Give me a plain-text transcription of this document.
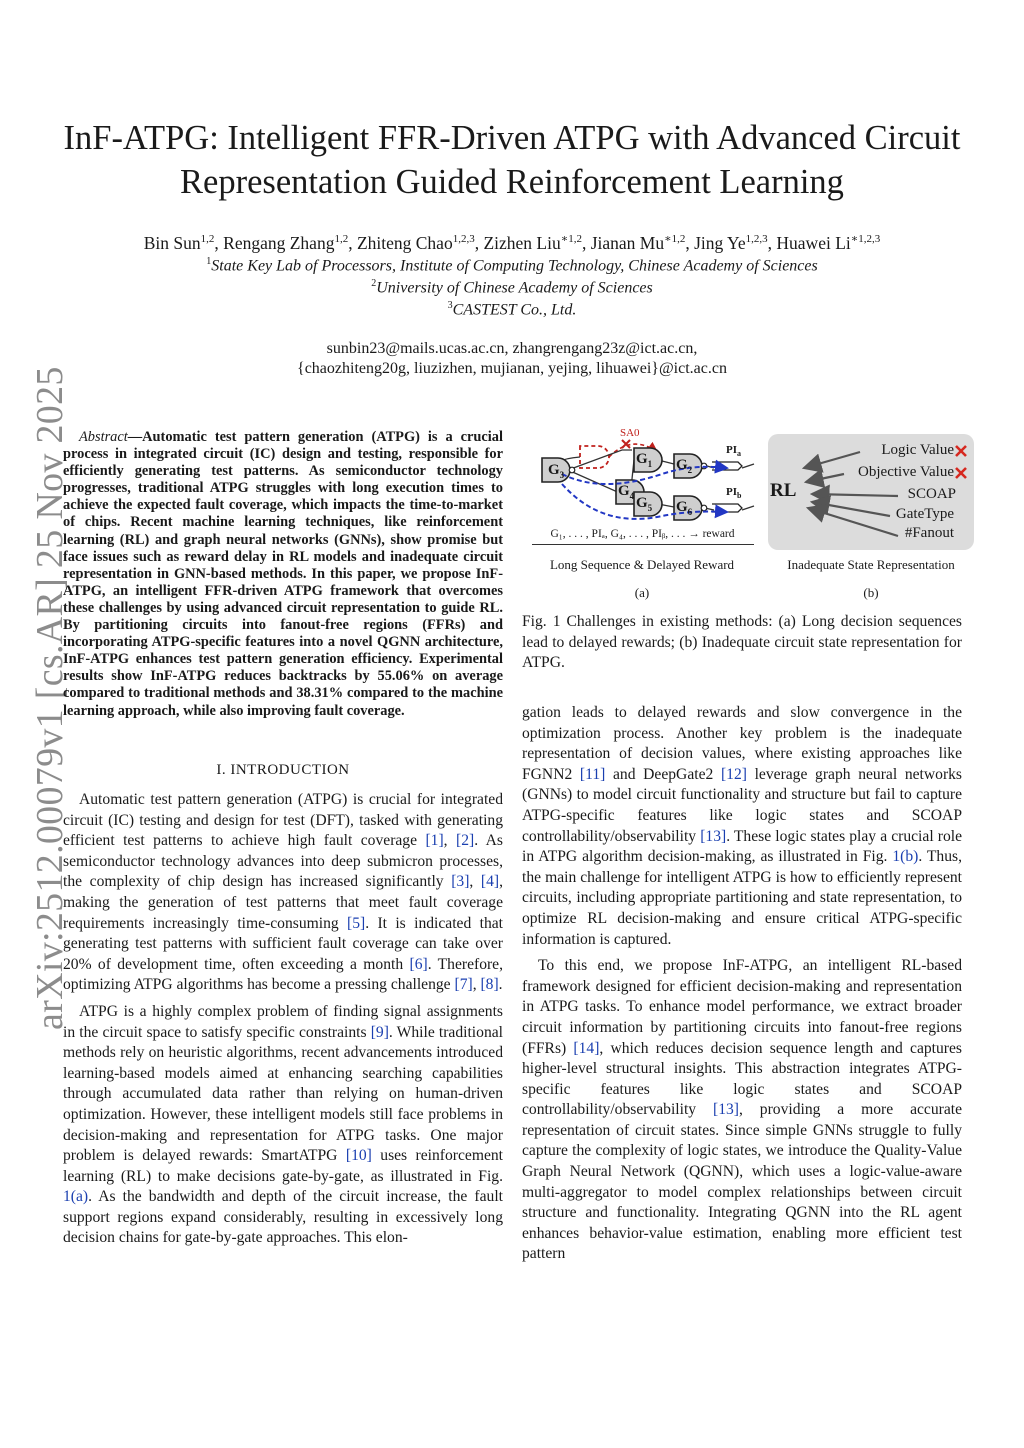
arXiv:2512.00079v1 [cs.AR] 25 Nov 2025
InF-ATPG: Intelligent FFR-Driven ATPG with Advanced Circuit Representation Guided Reinforcement Learning
Bin Sun$^{1,2}$, Rengang Zhang$^{1,2}$, Zhiteng Chao$^{1,2,3}$, Zizhen Liu$^{∗1,2}$, Jianan $Mu^{∗1,2}$, Jing Ye$^{1,2,3}$, Huawei $Li^{∗1,2,3}$
$^1$State Key Lab of Processors, Institute of Computing Technology, Chinese Academy of Sciences
$^2$University of Chinese Academy of Sciences
$^3$CASTEST Co., Ltd.
sunbin23@mails.ucas.ac.cn, zhangrengang23z@ict.ac.cn,
{chaozhiteng20g, liuzizhen, mujianan, yejing, lihuawei}@ict.ac.cn
Abstract—Automatic test pattern generation (ATPG) is a crucial process in integrated circuit (IC) design and testing, responsible for efficiently generating test patterns. As semiconductor technology progresses, traditional ATPG struggles with long execution times to achieve the expected fault coverage, which impacts the time-to-market of chips. Recent machine learning techniques, like reinforcement learning (RL) and graph neural networks (GNNs), show promise but face issues such as reward delay in RL models and inadequate circuit representation in GNN-based methods. In this paper, we propose InF-ATPG, an intelligent FFR-driven ATPG framework that overcomes these challenges by using advanced circuit representation to guide RL. By partitioning circuits into fanout-free regions (FFRs) and incorporating ATPG-specific features into a novel QGNN architecture, InF-ATPG enhances test pattern generation efficiency. Experimental results show InF-ATPG reduces backtracks by 55.06% on average compared to traditional methods and 38.31% compared to the machine learning approach, while also improving fault coverage.
I. INTRODUCTION

Automatic test pattern generation (ATPG) is crucial for integrated circuit (IC) testing and design for test (DFT), tasked with generating efficient test patterns to achieve high fault coverage [1], [2]. As semiconductor technology advances into deep submicron processes, the complexity of chip design has increased significantly [3], [4], making the generation of test patterns that meet fault coverage requirements increasingly time-consuming [5]. It is indicated that generating test patterns with sufficient fault coverage can take over 20% of development time, often exceeding a month [6]. Therefore, optimizing ATPG algorithms has become a pressing challenge [7], [8].

ATPG is a highly complex problem of finding signal assignments in the circuit space to satisfy specific constraints [9]. While traditional methods rely on heuristic algorithms, recent advancements introduced learning-based models aimed at enhancing searching capabilities through accumulated data rather than relying on human-driven optimization. However, these intelligent models still face problems in decision-making and representation for ATPG tasks. One major problem is delayed rewards: SmartATPG [10] uses reinforcement learning (RL) to make decisions gate-by-gate, as illustrated in Fig. 1(a). As the bandwidth and depth of the circuit increase, the fault support regions expand considerably, resulting in excessively long decision chains for gate-by-gate approaches. This elon-

SA0
$G_3$
$G_1$ $G_2$
$G_4$ $G_5$ $G_6$
$PI_a$
$PI_b$
G₁, . . . , PIₐ, G₄, . . . , PIᵦ, . . . → reward
Long Sequence & Delayed Reward
(a)
RL
Logic Value
Objective Value
SCOAP
GateType
#Fanout
Inadequate State Representation
(b)
Fig. 1 Challenges in existing methods: (a) Long decision sequences lead to delayed rewards; (b) Inadequate circuit state representation for ATPG.

gation leads to delayed rewards and slow convergence in the optimization process. Another key problem is the inadequate representation of decision values, where existing approaches like FGNN2 [11] and DeepGate2 [12] leverage graph neural networks (GNNs) to model circuit functionality and structure but fail to capture ATPG-specific features like logic states and SCOAP controllability/observability [13]. These logic states play a crucial role in ATPG algorithm decision-making, as illustrated in Fig. 1(b). Thus, the main challenge for intelligent ATPG is how to efficiently represent circuits, including appropriate partitioning and state representation, to optimize RL decision-making and ensure critical ATPG-specific information is captured.

To this end, we propose InF-ATPG, an intelligent RL-based framework designed for efficient decision-making and representation in ATPG tasks. To enhance model performance, we extract broader circuit information by partitioning circuits into fanout-free regions (FFRs) [14], which reduces decision sequence length and captures higher-level structural insights. This abstraction integrates ATPG-specific features like logic states and SCOAP controllability/observability [13], providing a more accurate representation of circuit states. Since simple GNNs struggle to fully capture the complexity of logic states, we introduce the Quality-Value Graph Neural Network (QGNN), which uses a logic-value-aware multi-aggregator to model complex relationships between circuit structure and functionality. Integrating QGNN into the RL agent enhances behavior-value estimation, enabling more efficient test pattern
